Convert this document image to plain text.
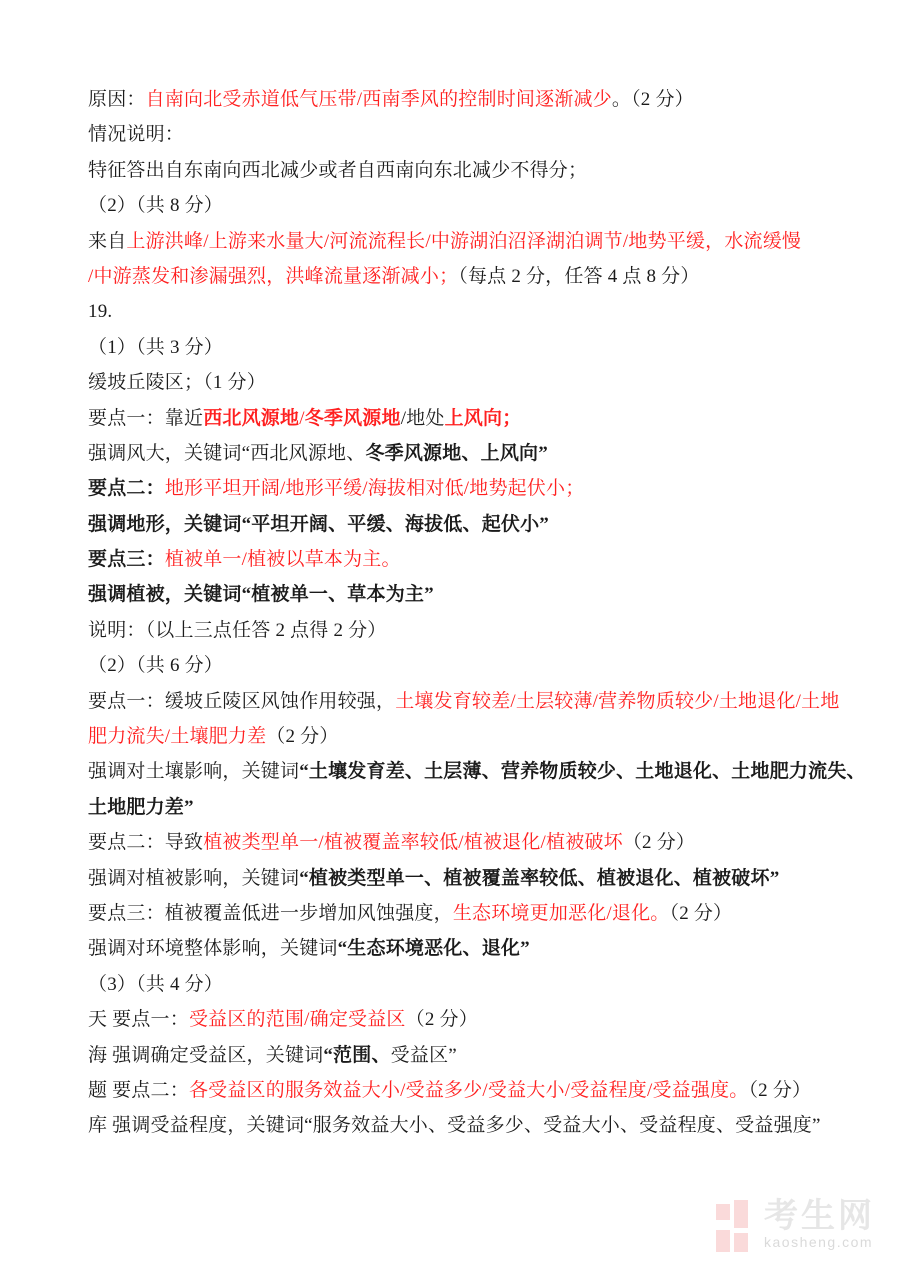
原因：自南向北受赤道低气压带/西南季风的控制时间逐渐减少。（2 分）
情况说明：
特征答出自东南向西北减少或者自西南向东北减少不得分；
（2）（共 8 分）
来自上游洪峰/上游来水量大/河流流程长/中游湖泊沼泽湖泊调节/地势平缓，水流缓慢
/中游蒸发和渗漏强烈，洪峰流量逐渐减小；（每点 2 分，任答 4 点 8 分）
19.
（1）（共 3 分）
缓坡丘陵区；（1 分）
要点一：靠近西北风源地/冬季风源地/地处上风向；
强调风大，关键词“西北风源地、冬季风源地、上风向”
要点二：地形平坦开阔/地形平缓/海拔相对低/地势起伏小；
强调地形，关键词“平坦开阔、平缓、海拔低、起伏小”
要点三：植被单一/植被以草本为主。
强调植被，关键词“植被单一、草本为主”
说明：（以上三点任答 2 点得 2 分）
（2）（共 6 分）
要点一：缓坡丘陵区风蚀作用较强，土壤发育较差/土层较薄/营养物质较少/土地退化/土地
肥力流失/土壤肥力差（2 分）
强调对土壤影响，关键词“土壤发育差、土层薄、营养物质较少、土地退化、土地肥力流失、
土地肥力差”
要点二：导致植被类型单一/植被覆盖率较低/植被退化/植被破坏（2 分）
强调对植被影响，关键词“植被类型单一、植被覆盖率较低、植被退化、植被破坏”
要点三：植被覆盖低进一步增加风蚀强度，生态环境更加恶化/退化。（2 分）
强调对环境整体影响，关键词“生态环境恶化、退化”
（3）（共 4 分）
天 要点一：受益区的范围/确定受益区（2 分）
海 强调确定受益区，关键词“范围、受益区”
题 要点二：各受益区的服务效益大小/受益多少/受益大小/受益程度/受益强度。（2 分）
库 强调受益程度，关键词“服务效益大小、受益多少、受益大小、受益程度、受益强度”
考生网
kaosheng.com
